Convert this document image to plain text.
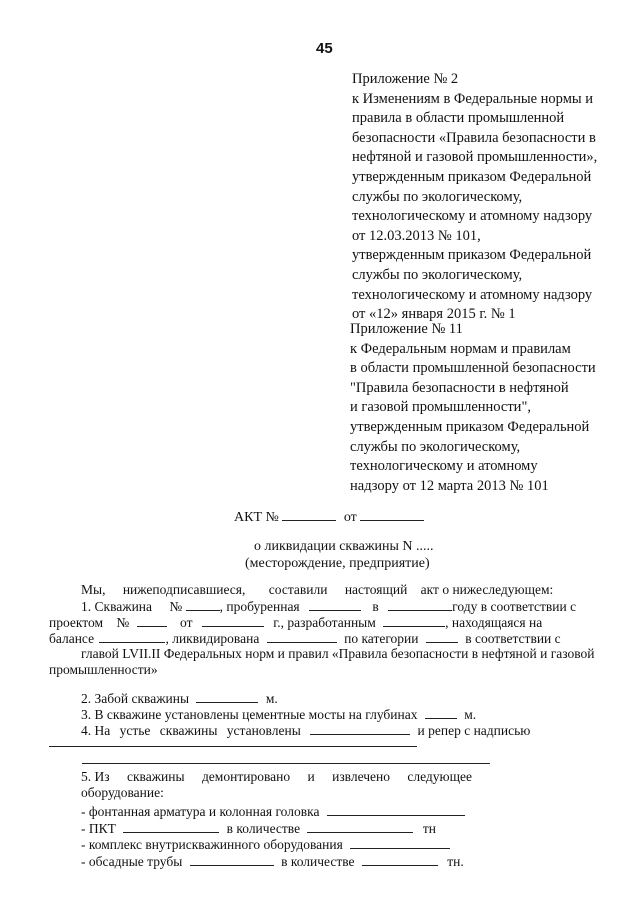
45
Приложение № 2
к Изменениям в Федеральные нормы и
правила в области промышленной
безопасности «Правила безопасности в
нефтяной и газовой промышленности»,
утвержденным приказом Федеральной
службы по экологическому,
технологическому и атомному надзору
от 12.03.2013 № 101,
утвержденным приказом Федеральной
службы по экологическому,
технологическому и атомному надзору
от «12» января 2015 г. № 1
Приложение № 11
к Федеральным нормам и правилам
в области промышленной безопасности
"Правила безопасности в нефтяной
и газовой промышленности",
утвержденным приказом Федеральной
службы по экологическому,
технологическому и атомному
надзору от 12 марта 2013 № 101
АКТ №	от
о ликвидации скважины N .....
(месторождение, предприятие)
Мы, нижеподписавшиеся, составили настоящий акт о нижеследующем:
1. Скважина №	, пробуренная	в	году в соответствии с
проектом №	от	г., разработанным	, находящаяся на
балансе	, ликвидирована	по категории	в соответствии с
главой LVII.II Федеральных норм и правил «Правила безопасности в нефтяной и газовой
промышленности»
2. Забой скважины	м.
3. В скважине установлены цементные мосты на глубинах	м.
4. На устье скважины установлены	и репер с надписью
5. Из скважины демонтировано и извлечено следующее
оборудование:
- фонтанная арматура и колонная головка
- ПКТ	в количестве	тн
- комплекс внутрискважинного оборудования
- обсадные трубы	в количестве	тн.
